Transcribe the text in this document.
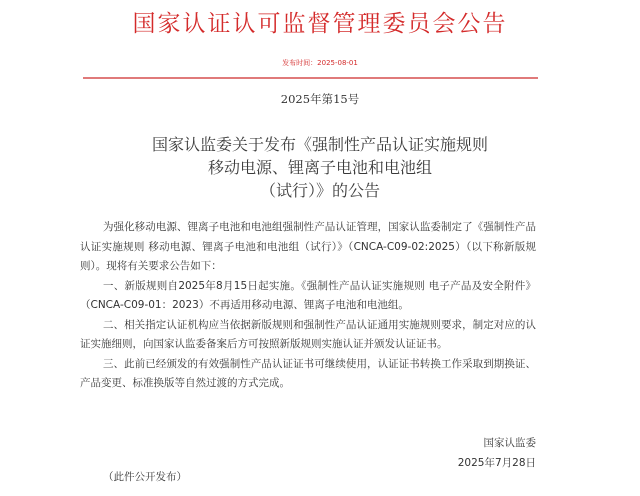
国家认证认可监督管理委员会公告
发布时间：2025-08-01
2025年第15号
国家认监委关于发布《强制性产品认证实施规则
移动电源、锂离子电池和电池组
（试行）》的公告

为强化移动电源、锂离子电池和电池组强制性产品认证管理，国家认监委制定了《强制性产品认证实施规则 移动电源、锂离子电池和电池组（试行）》（CNCA-C09-02:2025）（以下称新版规则）。现将有关要求公告如下：

一、新版规则自2025年8月15日起实施。《强制性产品认证实施规则 电子产品及安全附件》（CNCA-C09-01：2023）不再适用移动电源、锂离子电池和电池组。

二、相关指定认证机构应当依据新版规则和强制性产品认证通用实施规则要求，制定对应的认证实施细则，向国家认监委备案后方可按照新版规则实施认证并颁发认证证书。

三、此前已经颁发的有效强制性产品认证证书可继续使用，认证证书转换工作采取到期换证、产品变更、标准换版等自然过渡的方式完成。

国家认监委
2025年7月28日
（此件公开发布）
